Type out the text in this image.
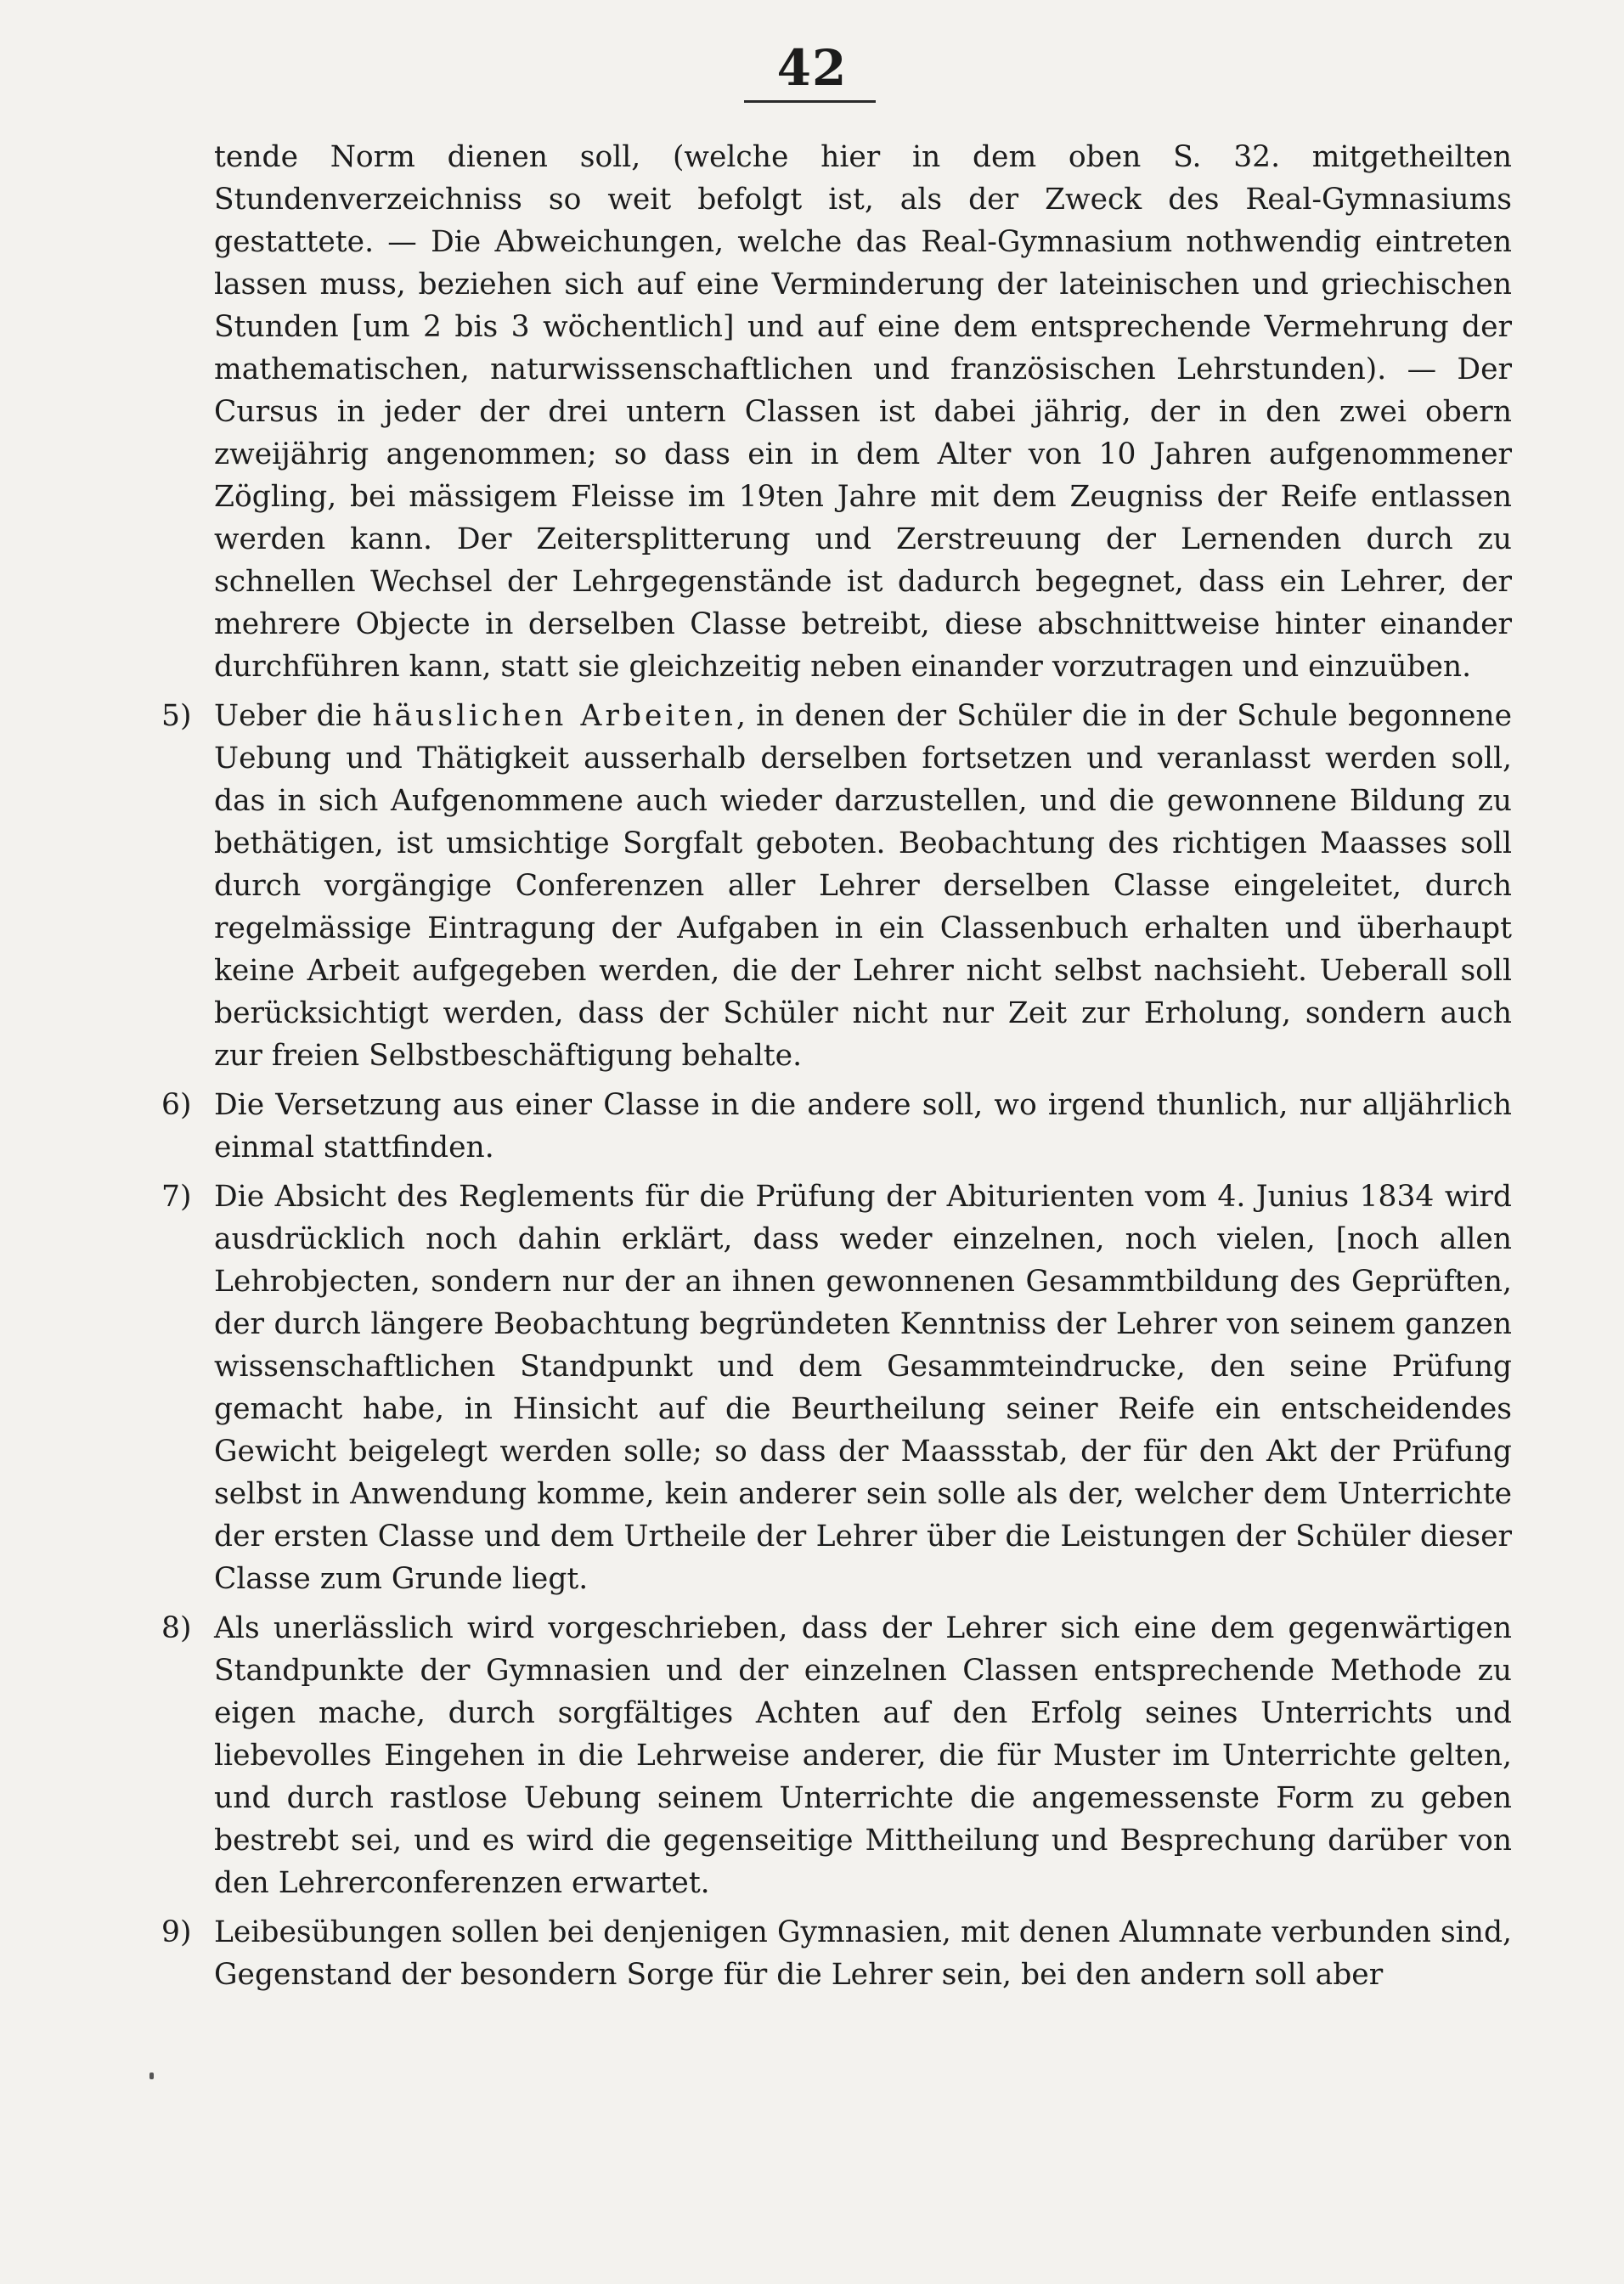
42

tende Norm dienen soll, (welche hier in dem oben S. 32. mitgetheilten Stundenverzeichniss so weit befolgt ist, als der Zweck des Real-Gymnasiums gestattete. — Die Abweichungen, welche das Real-Gymnasium nothwendig eintreten lassen muss, beziehen sich auf eine Verminderung der lateinischen und griechischen Stunden [um 2 bis 3 wöchentlich] und auf eine dem entsprechende Vermehrung der mathematischen, naturwissenschaftlichen und französischen Lehrstunden). — Der Cursus in jeder der drei untern Classen ist dabei jährig, der in den zwei obern zweijährig angenommen; so dass ein in dem Alter von 10 Jahren aufgenommener Zögling, bei mässigem Fleisse im 19ten Jahre mit dem Zeugniss der Reife entlassen werden kann. Der Zeitersplitterung und Zerstreuung der Lernenden durch zu schnellen Wechsel der Lehrgegenstände ist dadurch begegnet, dass ein Lehrer, der mehrere Objecte in derselben Classe betreibt, diese abschnittweise hinter einander durchführen kann, statt sie gleichzeitig neben einander vorzutragen und einzuüben.

5) Ueber die häuslichen Arbeiten, in denen der Schüler die in der Schule begonnene Uebung und Thätigkeit ausserhalb derselben fortsetzen und veranlasst werden soll, das in sich Aufgenommene auch wieder darzustellen, und die gewonnene Bildung zu bethätigen, ist umsichtige Sorgfalt geboten. Beobachtung des richtigen Maasses soll durch vorgängige Conferenzen aller Lehrer derselben Classe eingeleitet, durch regelmässige Eintragung der Aufgaben in ein Classenbuch erhalten und überhaupt keine Arbeit aufgegeben werden, die der Lehrer nicht selbst nachsieht. Ueberall soll berücksichtigt werden, dass der Schüler nicht nur Zeit zur Erholung, sondern auch zur freien Selbstbeschäftigung behalte.
6) Die Versetzung aus einer Classe in die andere soll, wo irgend thunlich, nur alljährlich einmal stattfinden.
7) Die Absicht des Reglements für die Prüfung der Abiturienten vom 4. Junius 1834 wird ausdrücklich noch dahin erklärt, dass weder einzelnen, noch vielen, [noch allen Lehrobjecten, sondern nur der an ihnen gewonnenen Gesammtbildung des Geprüften, der durch längere Beobachtung begründeten Kenntniss der Lehrer von seinem ganzen wissenschaftlichen Standpunkt und dem Gesammteindrucke, den seine Prüfung gemacht habe, in Hinsicht auf die Beurtheilung seiner Reife ein entscheidendes Gewicht beigelegt werden solle; so dass der Maassstab, der für den Akt der Prüfung selbst in Anwendung komme, kein anderer sein solle als der, welcher dem Unterrichte der ersten Classe und dem Urtheile der Lehrer über die Leistungen der Schüler dieser Classe zum Grunde liegt.
8) Als unerlässlich wird vorgeschrieben, dass der Lehrer sich eine dem gegenwärtigen Standpunkte der Gymnasien und der einzelnen Classen entsprechende Methode zu eigen mache, durch sorgfältiges Achten auf den Erfolg seines Unterrichts und liebevolles Eingehen in die Lehrweise anderer, die für Muster im Unterrichte gelten, und durch rastlose Uebung seinem Unterrichte die angemessenste Form zu geben bestrebt sei, und es wird die gegenseitige Mittheilung und Besprechung darüber von den Lehrerconferenzen erwartet.
9) Leibesübungen sollen bei denjenigen Gymnasien, mit denen Alumnate verbunden sind, Gegenstand der besondern Sorge für die Lehrer sein, bei den andern soll aber
